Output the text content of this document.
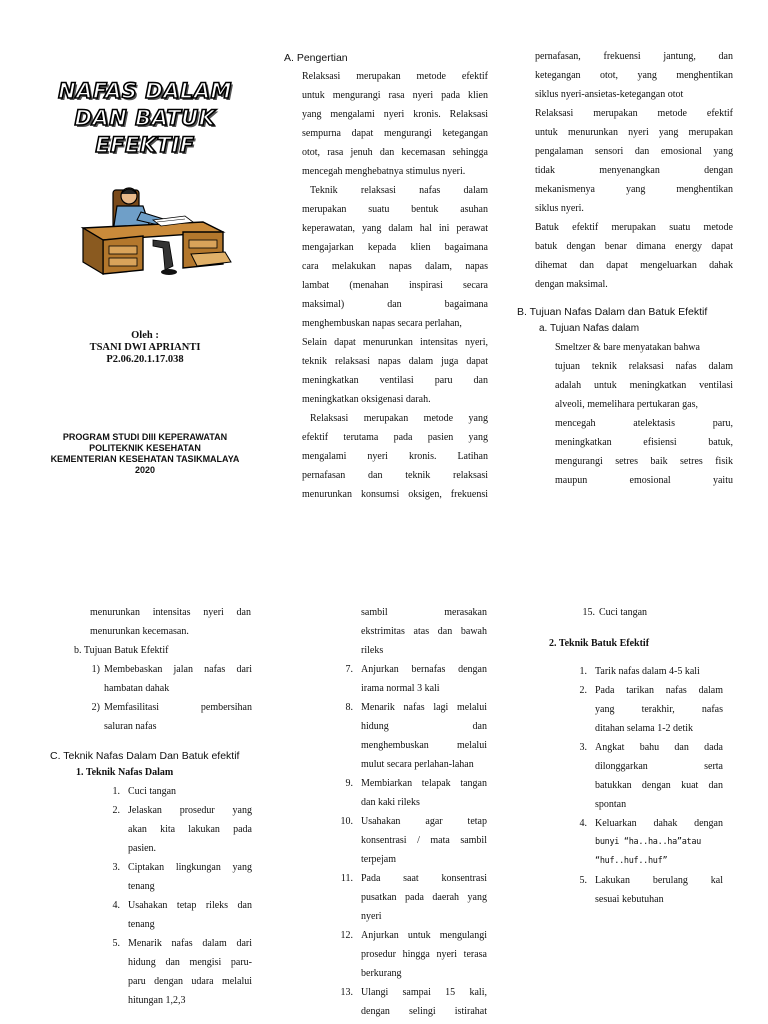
NAFAS DALAM
DAN BATUK
EFEKTIF
Oleh :
TSANI DWI APRIANTI
P2.06.20.1.17.038
PROGRAM STUDI DIII KEPERAWATAN
POLITEKNIK KESEHATAN
KEMENTERIAN KESEHATAN TASIKMALAYA
2020
A. Pengertian
Relaksasi merupakan metode efektif
untuk mengurangi rasa nyeri pada klien
yang mengalami nyeri kronis. Relaksasi
sempurna dapat mengurangi ketegangan
otot, rasa jenuh dan kecemasan sehingga
mencegah menghebatnya stimulus nyeri.
Teknik relaksasi nafas dalam
merupakan suatu bentuk asuhan
keperawatan, yang dalam hal ini perawat
mengajarkan kepada klien bagaimana
cara melakukan napas dalam, napas
lambat (menahan inspirasi secara
maksimal) dan bagaimana
menghembuskan napas secara perlahan,
Selain dapat menurunkan intensitas nyeri,
teknik relaksasi napas dalam juga dapat
meningkatkan ventilasi paru dan
meningkatkan oksigenasi darah.
Relaksasi merupakan metode yang
efektif terutama pada pasien yang
mengalami nyeri kronis. Latihan
pernafasan dan teknik relaksasi
menurunkan konsumsi oksigen, frekuensi
pernafasan, frekuensi jantung, dan
ketegangan otot, yang menghentikan
siklus nyeri-ansietas-ketegangan otot
Relaksasi merupakan metode efektif
untuk menurunkan nyeri yang merupakan
pengalaman sensori dan emosional yang
tidak menyenangkan dengan
mekanismenya yang menghentikan
siklus nyeri.
Batuk efektif merupakan suatu metode
batuk dengan benar dimana energy dapat
dihemat dan dapat mengeluarkan dahak
dengan maksimal.
B. Tujuan Nafas Dalam dan Batuk Efektif
a. Tujuan Nafas dalam
Smeltzer & bare menyatakan bahwa
tujuan teknik relaksasi nafas dalam
adalah untuk meningkatkan ventilasi
alveoli, memelihara pertukaran gas,
mencegah atelektasis paru,
meningkatkan efisiensi batuk,
mengurangi setres baik setres fisik
maupun emosional yaitu
menurunkan intensitas nyeri dan
menurunkan kecemasan.
b. Tujuan Batuk Efektif
1) Membebaskan jalan nafas dari
hambatan dahak
2) Memfasilitasi pembersihan
saluran nafas
C. Teknik Nafas Dalam Dan Batuk efektif
1. Teknik Nafas Dalam
1. Cuci tangan
2. Jelaskan prosedur yang
akan kita lakukan pada
pasien.
3. Ciptakan lingkungan yang
tenang
4. Usahakan tetap rileks dan
tenang
5. Menarik nafas dalam dari
hidung dan mengisi paru-
paru dengan udara melalui
hitungan 1,2,3
sambil merasakan
ekstrimitas atas dan bawah
rileks
7. Anjurkan bernafas dengan
irama normal 3 kali
8. Menarik nafas lagi melalui
hidung dan
menghembuskan melalui
mulut secara perlahan-lahan
9. Membiarkan telapak tangan
dan kaki rileks
10. Usahakan agar tetap
konsentrasi / mata sambil
terpejam
11. Pada saat konsentrasi
pusatkan pada daerah yang
nyeri
12. Anjurkan untuk mengulangi
prosedur hingga nyeri terasa
berkurang
13. Ulangi sampai 15 kali,
dengan selingi istirahat
15. Cuci tangan
2. Teknik Batuk Efektif
1. Tarik nafas dalam 4-5 kali
2. Pada tarikan nafas dalam
yang terakhir, nafas
ditahan selama 1-2 detik
3. Angkat bahu dan dada
dilonggarkan serta
batukkan dengan kuat dan
spontan
4. Keluarkan dahak dengan
bunyi “ha..ha..ha”atau
“huf..huf..huf”
5. Lakukan berulang kal
sesuai kebutuhan
